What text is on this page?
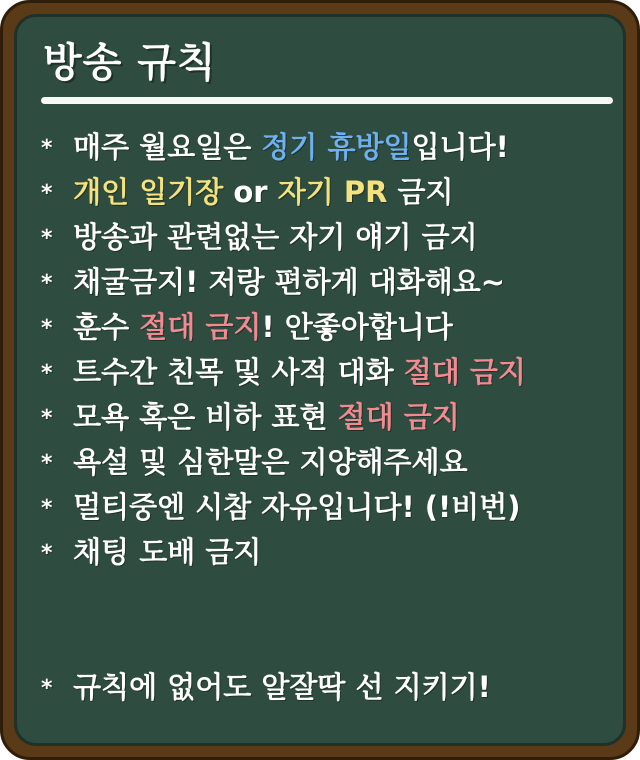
방송 규칙
* 매주 월요일은 정기 휴방일입니다!
* 개인 일기장 or 자기 PR 금지
* 방송과 관련없는 자기 얘기 금지
* 채굴금지! 저랑 편하게 대화해요~
* 훈수 절대 금지! 안좋아합니다
* 트수간 친목 및 사적 대화 절대 금지
* 모욕 혹은 비하 표현 절대 금지
* 욕설 및 심한말은 지양해주세요
* 멀티중엔 시참 자유입니다! (!비번)
* 채팅 도배 금지
* 규칙에 없어도 알잘딱 선 지키기!
